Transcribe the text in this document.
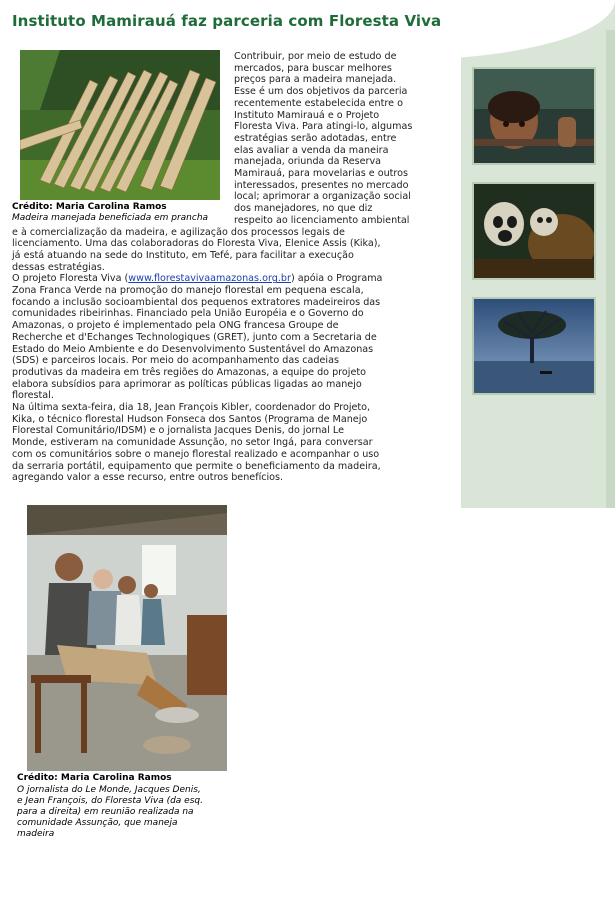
Instituto Mamirauá faz parceria com Floresta Viva
Crédito: Maria Carolina Ramos
Madeira manejada beneficiada em prancha
Contribuir, por meio de estudo de
mercados, para buscar melhores
preços para a madeira manejada.
Esse é um dos objetivos da parceria
recentemente estabelecida entre o
Instituto Mamirauá e o Projeto
Floresta Viva. Para atingi-lo, algumas
estratégias serão adotadas, entre
elas avaliar a venda da maneira
manejada, oriunda da Reserva
Mamirauá, para movelarias e outros
interessados, presentes no mercado
local; aprimorar a organização social
dos manejadores, no que diz
respeito ao licenciamento ambiental
e à comercialização da madeira, e agilização dos processos legais de
licenciamento. Uma das colaboradoras do Floresta Viva, Elenice Assis (Kika),
já está atuando na sede do Instituto, em Tefé, para facilitar a execução
dessas estratégias.
O projeto Floresta Viva (www.florestavivaamazonas.org.br) apóia o Programa
Zona Franca Verde na promoção do manejo florestal em pequena escala,
focando a inclusão socioambiental dos pequenos extratores madeireiros das
comunidades ribeirinhas. Financiado pela União Européia e o Governo do
Amazonas, o projeto é implementado pela ONG francesa Groupe de
Recherche et d'Echanges Technologiques (GRET), junto com a Secretaria de
Estado do Meio Ambiente e do Desenvolvimento Sustentável do Amazonas
(SDS) e parceiros locais. Por meio do acompanhamento das cadeias
produtivas da madeira em três regiões do Amazonas, a equipe do projeto
elabora subsídios para aprimorar as políticas públicas ligadas ao manejo
florestal.
Na última sexta-feira, dia 18, Jean François Kibler, coordenador do Projeto,
Kika, o técnico florestal Hudson Fonseca dos Santos (Programa de Manejo
Florestal Comunitário/IDSM) e o jornalista Jacques Denis, do jornal Le
Monde, estiveram na comunidade Assunção, no setor Ingá, para conversar
com os comunitários sobre o manejo florestal realizado e acompanhar o uso
da serraria portátil, equipamento que permite o beneficiamento da madeira,
agregando valor a esse recurso, entre outros benefícios.
Crédito: Maria Carolina Ramos
O jornalista do Le Monde, Jacques Denis,
e Jean François, do Floresta Viva (da esq.
para a direita) em reunião realizada na
comunidade Assunção, que maneja
madeira
